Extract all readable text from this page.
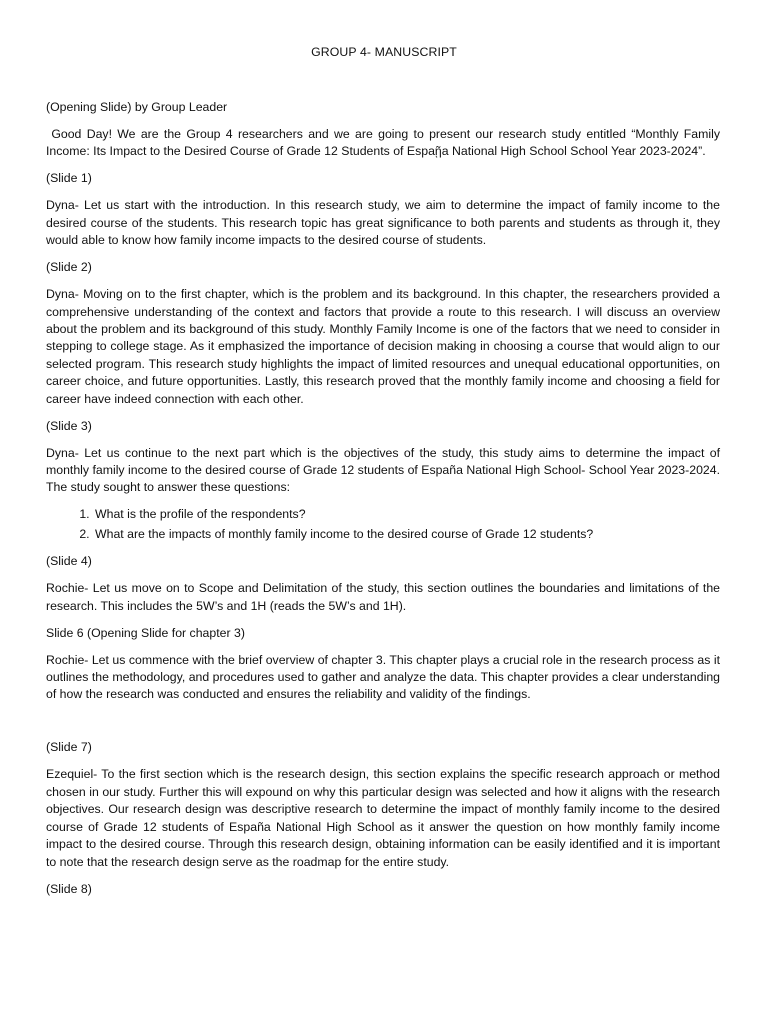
GROUP 4- MANUSCRIPT
(Opening Slide) by Group Leader

Good Day! We are the Group 4 researchers and we are going to present our research study entitled “Monthly Family Income: Its Impact to the Desired Course of Grade 12 Students of Espaῇa National High School School Year 2023-2024”.

(Slide 1)

Dyna- Let us start with the introduction. In this research study, we aim to determine the impact of family income to the desired course of the students. This research topic has great significance to both parents and students as through it, they would able to know how family income impacts to the desired course of students.

(Slide 2)

Dyna- Moving on to the first chapter, which is the problem and its background. In this chapter, the researchers provided a comprehensive understanding of the context and factors that provide a route to this research. I will discuss an overview about the problem and its background of this study. Monthly Family Income is one of the factors that we need to consider in stepping to college stage. As it emphasized the importance of decision making in choosing a course that would align to our selected program. This research study highlights the impact of limited resources and unequal educational opportunities, on career choice, and future opportunities. Lastly, this research proved that the monthly family income and choosing a field for career have indeed connection with each other.

(Slide 3)

Dyna- Let us continue to the next part which is the objectives of the study, this study aims to determine the impact of monthly family income to the desired course of Grade 12 students of España National High School- School Year 2023-2024. The study sought to answer these questions:

1. What is the profile of the respondents?
2. What are the impacts of monthly family income to the desired course of Grade 12 students?
(Slide 4)

Rochie- Let us move on to Scope and Delimitation of the study, this section outlines the boundaries and limitations of the research. This includes the 5W’s and 1H (reads the 5W’s and 1H).

Slide 6 (Opening Slide for chapter 3)

Rochie- Let us commence with the brief overview of chapter 3. This chapter plays a crucial role in the research process as it outlines the methodology, and procedures used to gather and analyze the data. This chapter provides a clear understanding of how the research was conducted and ensures the reliability and validity of the findings.

(Slide 7)

Ezequiel- To the first section which is the research design, this section explains the specific research approach or method chosen in our study. Further this will expound on why this particular design was selected and how it aligns with the research objectives. Our research design was descriptive research to determine the impact of monthly family income to the desired course of Grade 12 students of España National High School as it answer the question on how monthly family income impact to the desired course. Through this research design, obtaining information can be easily identified and it is important to note that the research design serve as the roadmap for the entire study.

(Slide 8)
